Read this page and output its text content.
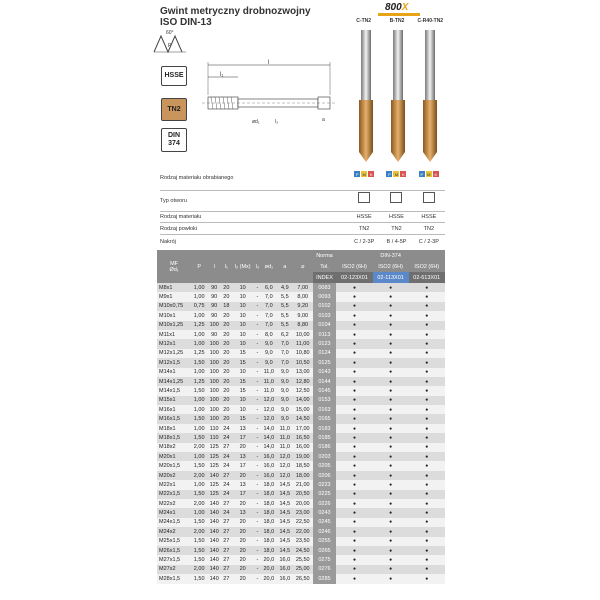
Gwint metryczny drobnozwojny
ISO DIN-13
800X
C-TN2	B-TN2	C-R40-TN2
60°
P
HSSE
TN2
DIN
374
l
l₁
ød₁	l₃	a
Rodzaj materiału obrabianego
P	M K	P	M K	P	M K
Typ otworu
Rodzaj materiału	HSSE	HSSE	HSSE
Rodzaj powłoki	TN2	TN2	TN2
Nakrój	C / 2-3P	B / 4-5P	C / 2-3P
MF
Ød₁	P	l	l₁	l₂ (Mx)	l₃	ød₁	a	⌀	Norma	DIN-374		
									Tol.	ISO2 (6H)	ISO2 (6H)	ISO2 (6H)
									INDEX	02-123X01	02-113X01	02-613X01
M8x1	1,00	90	20	10	-	6,0	4,9	7,00	0083	●	●	●
M9x1	1,00	90	20	10	-	7,0	5,5	8,00	0093	●	●	●
M10x0,75	0,75	90	18	10	-	7,0	5,5	9,20	0102	●	●	●
M10x1	1,00	90	20	10	-	7,0	5,5	9,00	0103	●	●	●
M10x1,25	1,25	100	20	10	-	7,0	5,5	8,80	0104	●	●	●
M11x1	1,00	90	20	10	-	8,0	6,2	10,00	0113	●	●	●
M12x1	1,00	100	20	10	-	9,0	7,0	11,00	0123	●	●	●
M12x1,25	1,25	100	20	15	-	9,0	7,0	10,80	0124	●	●	●
M12x1,5	1,50	100	20	15	-	9,0	7,0	10,50	0125	●	●	●
M14x1	1,00	100	20	10	-	11,0	9,0	13,00	0143	●	●	●
M14x1,25	1,25	100	20	15	-	11,0	9,0	12,80	0144	●	●	●
M14x1,5	1,50	100	20	15	-	11,0	9,0	12,50	0145	●	●	●
M15x1	1,00	100	20	10	-	12,0	9,0	14,00	0153	●	●	●
M16x1	1,00	100	20	10	-	12,0	9,0	15,00	0163	●	●	●
M16x1,5	1,50	100	20	15	-	12,0	9,0	14,50	0165	●	●	●
M18x1	1,00	110	24	13	-	14,0	11,0	17,00	0183	●	●	●
M18x1,5	1,50	110	24	17	-	14,0	11,0	16,50	0185	●	●	●
M18x2	2,00	125	27	20	-	14,0	11,0	16,00	0186	●	●	●
M20x1	1,00	125	24	13	-	16,0	12,0	19,00	0203	●	●	●
M20x1,5	1,50	125	24	17	-	16,0	12,0	18,50	0205	●	●	●
M20x2	2,00	140	27	20	-	16,0	12,0	18,00	0206	●	●	●
M22x1	1,00	125	24	13	-	18,0	14,5	21,00	0223	●	●	●
M22x1,5	1,50	125	24	17	-	18,0	14,5	20,50	0225	●	●	●
M22x2	2,00	140	27	20	-	18,0	14,5	20,00	0226	●	●	●
M24x1	1,00	140	24	13	-	18,0	14,5	23,00	0243	●	●	●
M24x1,5	1,50	140	27	20	-	18,0	14,5	22,50	0245	●	●	●
M24x2	2,00	140	27	20	-	18,0	14,5	22,00	0246	●	●	●
M25x1,5	1,50	140	27	20	-	18,0	14,5	23,50	0255	●	●	●
M26x1,5	1,50	140	27	20	-	18,0	14,5	24,50	0265	●	●	●
M27x1,5	1,50	140	27	20	-	20,0	16,0	25,50	0275	●	●	●
M27x2	2,00	140	27	20	-	20,0	16,0	25,00	0276	●	●	●
M28x1,5	1,50	140	27	20	-	20,0	16,0	26,50	0285	●	●	●
